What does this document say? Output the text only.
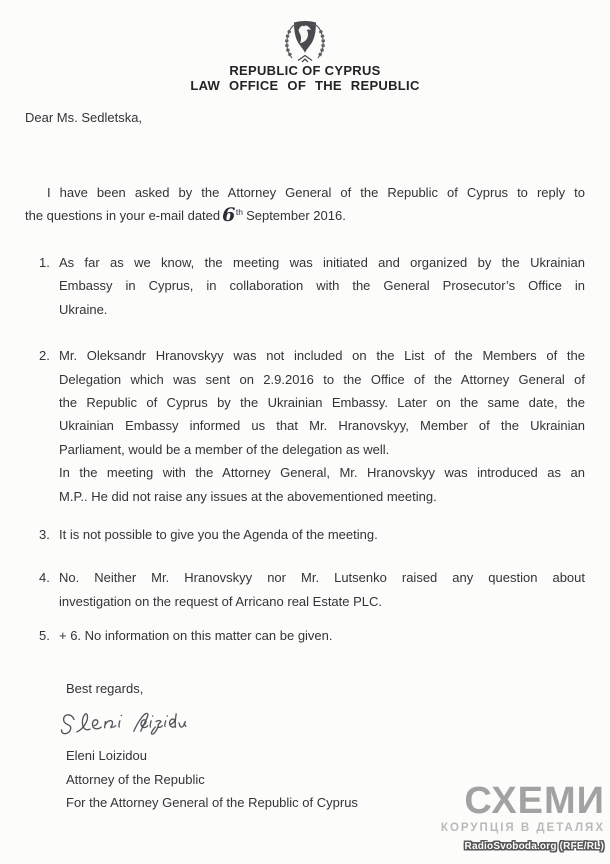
REPUBLIC OF CYPRUS
LAW OFFICE OF THE REPUBLIC
Dear Ms. Sedletska,
I have been asked by the Attorney General of the Republic of Cyprus to reply to
the questions in your e-mail dated 6th September 2016.
1. As far as we know, the meeting was initiated and organized by the Ukrainian
Embassy in Cyprus, in collaboration with the General Prosecutor’s Office in
Ukraine.
2. Mr. Oleksandr Hranovskyy was not included on the List of the Members of the
Delegation which was sent on 2.9.2016 to the Office of the Attorney General of
the Republic of Cyprus by the Ukrainian Embassy. Later on the same date, the
Ukrainian Embassy informed us that Mr. Hranovskyy, Member of the Ukrainian
Parliament, would be a member of the delegation as well.
In the meeting with the Attorney General, Mr. Hranovskyy was introduced as an
M.P.. He did not raise any issues at the abovementioned meeting.
3. It is not possible to give you the Agenda of the meeting.
4. No. Neither Mr. Hranovskyy nor Mr. Lutsenko raised any question about
investigation on the request of Arricano real Estate PLC.
5. + 6. No information on this matter can be given.
Best regards,
Eleni Loizidou
Attorney of the Republic
For the Attorney General of the Republic of Cyprus	СХЕМИ
КОРУПЦІЯ В ДЕТАЛЯХ
RadioSvoboda.org (RFE/RL)
